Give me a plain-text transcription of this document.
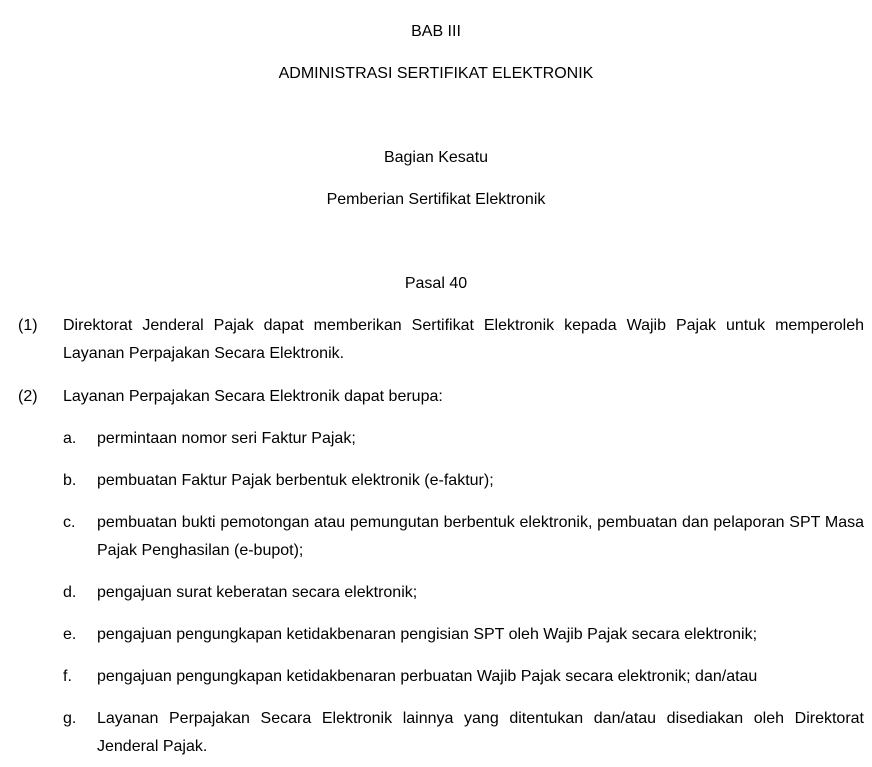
BAB III
ADMINISTRASI SERTIFIKAT ELEKTRONIK
Bagian Kesatu
Pemberian Sertifikat Elektronik
Pasal 40
(1) Direktorat Jenderal Pajak dapat memberikan Sertifikat Elektronik kepada Wajib Pajak untuk memperoleh Layanan Perpajakan Secara Elektronik.
(2) Layanan Perpajakan Secara Elektronik dapat berupa:
a. permintaan nomor seri Faktur Pajak;
b. pembuatan Faktur Pajak berbentuk elektronik (e-faktur);
c. pembuatan bukti pemotongan atau pemungutan berbentuk elektronik, pembuatan dan pelaporan SPT Masa Pajak Penghasilan (e-bupot);
d. pengajuan surat keberatan secara elektronik;
e. pengajuan pengungkapan ketidakbenaran pengisian SPT oleh Wajib Pajak secara elektronik;
f. pengajuan pengungkapan ketidakbenaran perbuatan Wajib Pajak secara elektronik; dan/atau
g. Layanan Perpajakan Secara Elektronik lainnya yang ditentukan dan/atau disediakan oleh Direktorat Jenderal Pajak.
